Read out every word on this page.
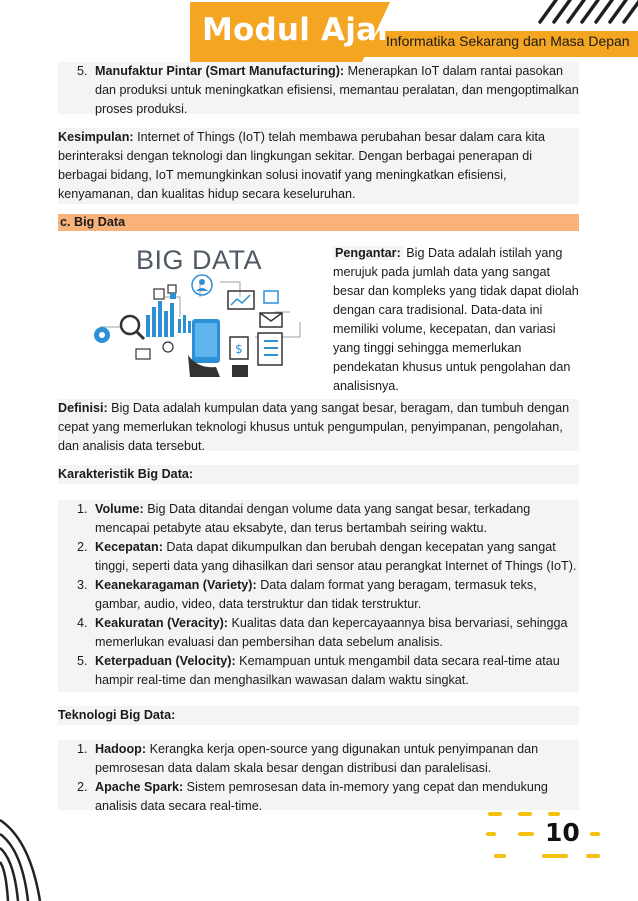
Modul Ajar
Informatika Sekarang dan Masa Depan
5. Manufaktur Pintar (Smart Manufacturing): Menerapkan IoT dalam rantai pasokan dan produksi untuk meningkatkan efisiensi, memantau peralatan, dan mengoptimalkan proses produksi.
Kesimpulan: Internet of Things (IoT) telah membawa perubahan besar dalam cara kita berinteraksi dengan teknologi dan lingkungan sekitar. Dengan berbagai penerapan di berbagai bidang, IoT memungkinkan solusi inovatif yang meningkatkan efisiensi, kenyamanan, dan kualitas hidup secara keseluruhan.
c. Big Data
BIG DATA
$
Pengantar: Big Data adalah istilah yang merujuk pada jumlah data yang sangat besar dan kompleks yang tidak dapat diolah dengan cara tradisional. Data-data ini memiliki volume, kecepatan, dan variasi yang tinggi sehingga memerlukan pendekatan khusus untuk pengolahan dan analisisnya.
Definisi: Big Data adalah kumpulan data yang sangat besar, beragam, dan tumbuh dengan cepat yang memerlukan teknologi khusus untuk pengumpulan, penyimpanan, pengolahan, dan analisis data tersebut.
Karakteristik Big Data:
1. Volume: Big Data ditandai dengan volume data yang sangat besar, terkadang mencapai petabyte atau eksabyte, dan terus bertambah seiring waktu.
2. Kecepatan: Data dapat dikumpulkan dan berubah dengan kecepatan yang sangat tinggi, seperti data yang dihasilkan dari sensor atau perangkat Internet of Things (IoT).
3. Keanekaragaman (Variety): Data dalam format yang beragam, termasuk teks, gambar, audio, video, data terstruktur dan tidak terstruktur.
4. Keakuratan (Veracity): Kualitas data dan kepercayaannya bisa bervariasi, sehingga memerlukan evaluasi dan pembersihan data sebelum analisis.
5. Keterpaduan (Velocity): Kemampuan untuk mengambil data secara real-time atau hampir real-time dan menghasilkan wawasan dalam waktu singkat.
Teknologi Big Data:
1. Hadoop: Kerangka kerja open-source yang digunakan untuk penyimpanan dan pemrosesan data dalam skala besar dengan distribusi dan paralelisasi.
2. Apache Spark: Sistem pemrosesan data in-memory yang cepat dan mendukung analisis data secara real-time.
10
